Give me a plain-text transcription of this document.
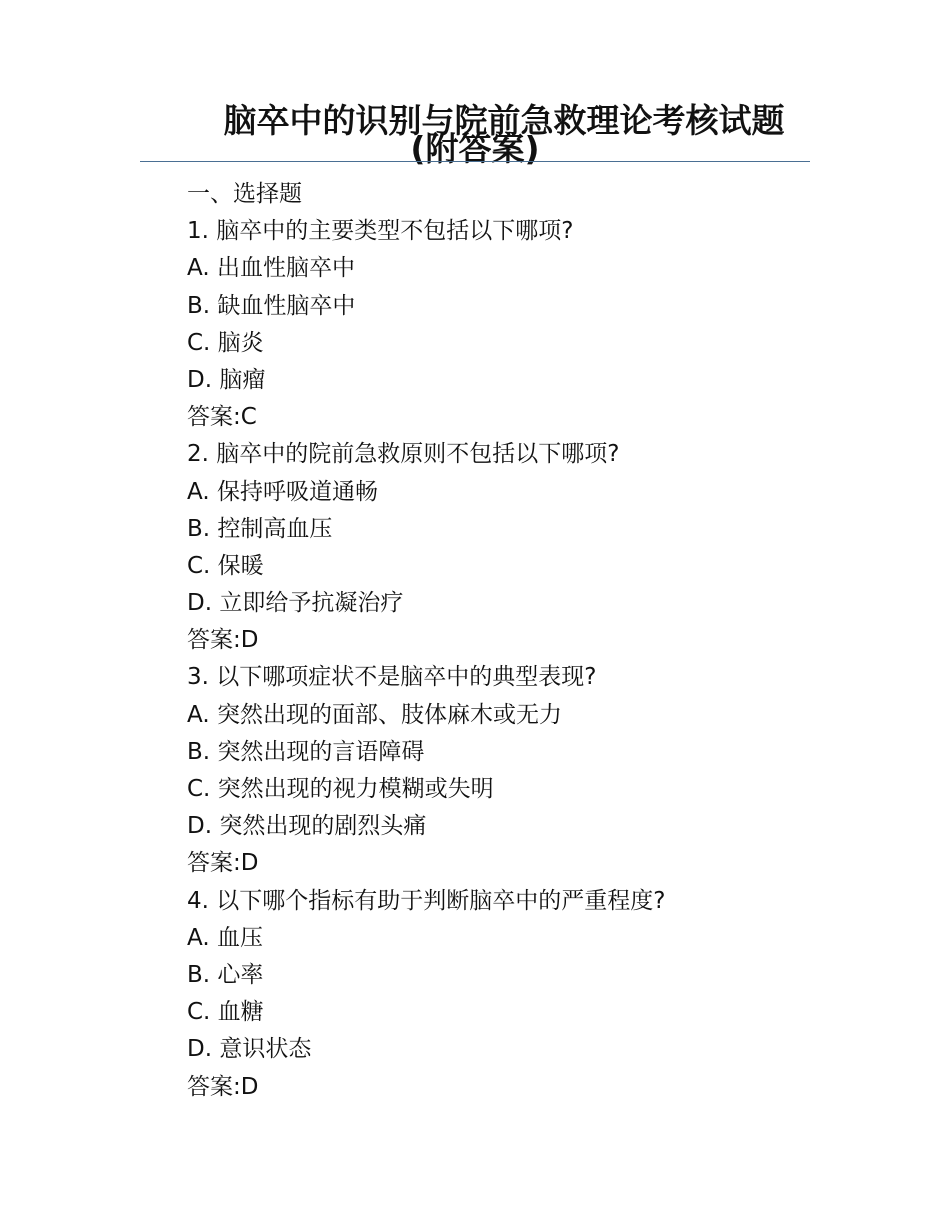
脑卒中的识别与院前急救理论考核试题
(附答案)
一、选择题
1. 脑卒中的主要类型不包括以下哪项?
A. 出血性脑卒中
B. 缺血性脑卒中
C. 脑炎
D. 脑瘤
答案:C
2. 脑卒中的院前急救原则不包括以下哪项?
A. 保持呼吸道通畅
B. 控制高血压
C. 保暖
D. 立即给予抗凝治疗
答案:D
3. 以下哪项症状不是脑卒中的典型表现?
A. 突然出现的面部、肢体麻木或无力
B. 突然出现的言语障碍
C. 突然出现的视力模糊或失明
D. 突然出现的剧烈头痛
答案:D
4. 以下哪个指标有助于判断脑卒中的严重程度?
A. 血压
B. 心率
C. 血糖
D. 意识状态
答案:D
